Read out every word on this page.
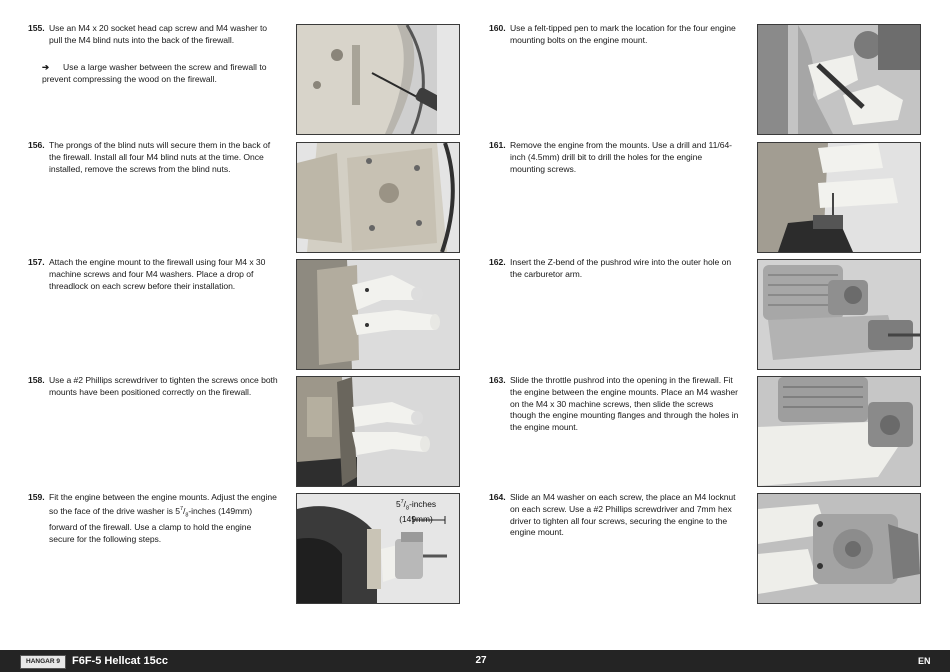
155. Use an M4 x 20 socket head cap screw and M4 washer to pull the M4 blind nuts into the back of the firewall.
➔	Use a large washer between the screw and firewall to prevent compressing the wood on the firewall.
156. The prongs of the blind nuts will secure them in the back of the firewall. Install all four M4 blind nuts at the time. Once installed, remove the screws from the blind nuts.
157. Attach the engine mount to the firewall using four M4 x 30 machine screws and four M4 washers. Place a drop of threadlock on each screw before their installation.
158. Use a #2 Phillips screwdriver to tighten the screws once both mounts have been positioned correctly on the firewall.
159. Fit the engine between the engine mounts. Adjust the engine so the face of the drive washer is $5^7/_8$-inches (149mm) forward of the firewall. Use a clamp to hold the engine secure for the following steps.
160. Use a felt-tipped pen to mark the location for the four engine mounting bolts on the engine mount.
161. Remove the engine from the mounts. Use a drill and 11/64-inch (4.5mm) drill bit to drill the holes for the engine mounting screws.
162. Insert the Z-bend of the pushrod wire into the outer hole on the carburetor arm.
163. Slide the throttle pushrod into the opening in the firewall. Fit the engine between the engine mounts. Place an M4 washer on the M4 x 30 machine screws, then slide the screws though the engine mounting flanges and through the holes in the engine mount.
164. Slide an M4 washer on each screw, the place an M4 locknut on each screw. Use a #2 Phillips screwdriver and 7mm hex driver to tighten all four screws, securing the engine to the engine mount.
$5^7/_8$-inches
(149mm)
HANGAR 9	F6F-5 Hellcat 15cc	27	EN
